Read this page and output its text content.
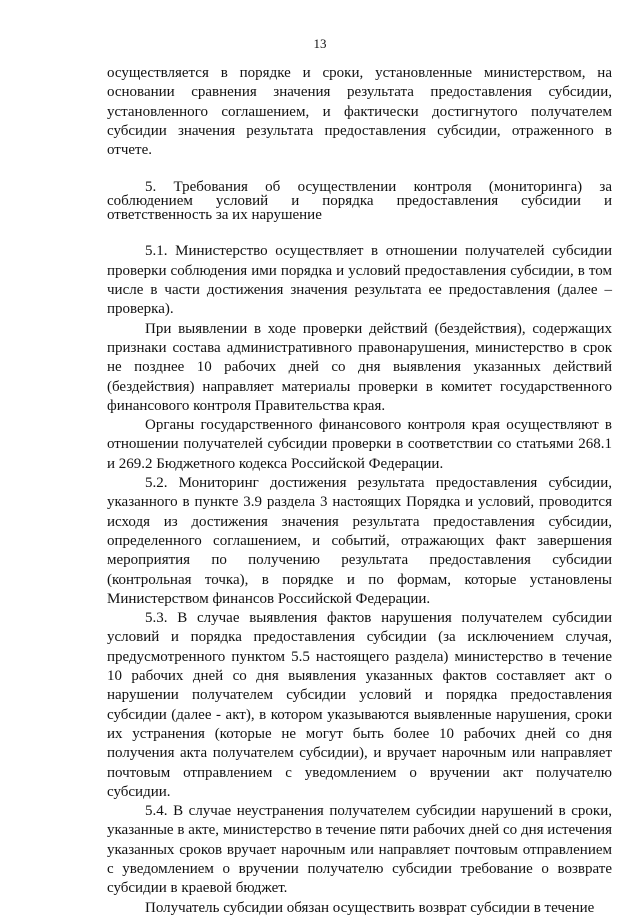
13

осуществляется в порядке и сроки, установленные министерством, на основании сравнения значения результата предоставления субсидии, установленного соглашением, и фактически достигнутого получателем субсидии значения результата предоставления субсидии, отраженного в отчете.

5. Требования об осуществлении контроля (мониторинга) за
соблюдением условий и порядка предоставления субсидии и
ответственность за их нарушение

5.1. Министерство осуществляет в отношении получателей субсидии проверки соблюдения ими порядка и условий предоставления субсидии, в том числе в части достижения значения результата ее предоставления (далее – проверка).

При выявлении в ходе проверки действий (бездействия), содержащих признаки состава административного правонарушения, министерство в срок не позднее 10 рабочих дней со дня выявления указанных действий (бездействия) направляет материалы проверки в комитет государственного финансового контроля Правительства края.

Органы государственного финансового контроля края осуществляют в отношении получателей субсидии проверки в соответствии со статьями 268.1 и 269.2 Бюджетного кодекса Российской Федерации.

5.2. Мониторинг достижения результата предоставления субсидии, указанного в пункте 3.9 раздела 3 настоящих Порядка и условий, проводится исходя из достижения значения результата предоставления субсидии, определенного соглашением, и событий, отражающих факт завершения мероприятия по получению результата предоставления субсидии (контрольная точка), в порядке и по формам, которые установлены Министерством финансов Российской Федерации.

5.3. В случае выявления фактов нарушения получателем субсидии условий и порядка предоставления субсидии (за исключением случая, предусмотренного пунктом 5.5 настоящего раздела) министерство в течение 10 рабочих дней со дня выявления указанных фактов составляет акт о нарушении получателем субсидии условий и порядка предоставления субсидии (далее - акт), в котором указываются выявленные нарушения, сроки их устранения (которые не могут быть более 10 рабочих дней со дня получения акта получателем субсидии), и вручает нарочным или направляет почтовым отправлением с уведомлением о вручении акт получателю субсидии.

5.4. В случае неустранения получателем субсидии нарушений в сроки, указанные в акте, министерство в течение пяти рабочих дней со дня истечения указанных сроков вручает нарочным или направляет почтовым отправлением с уведомлением о вручении получателю субсидии требование о возврате субсидии в краевой бюджет.

Получатель субсидии обязан осуществить возврат субсидии в течение
